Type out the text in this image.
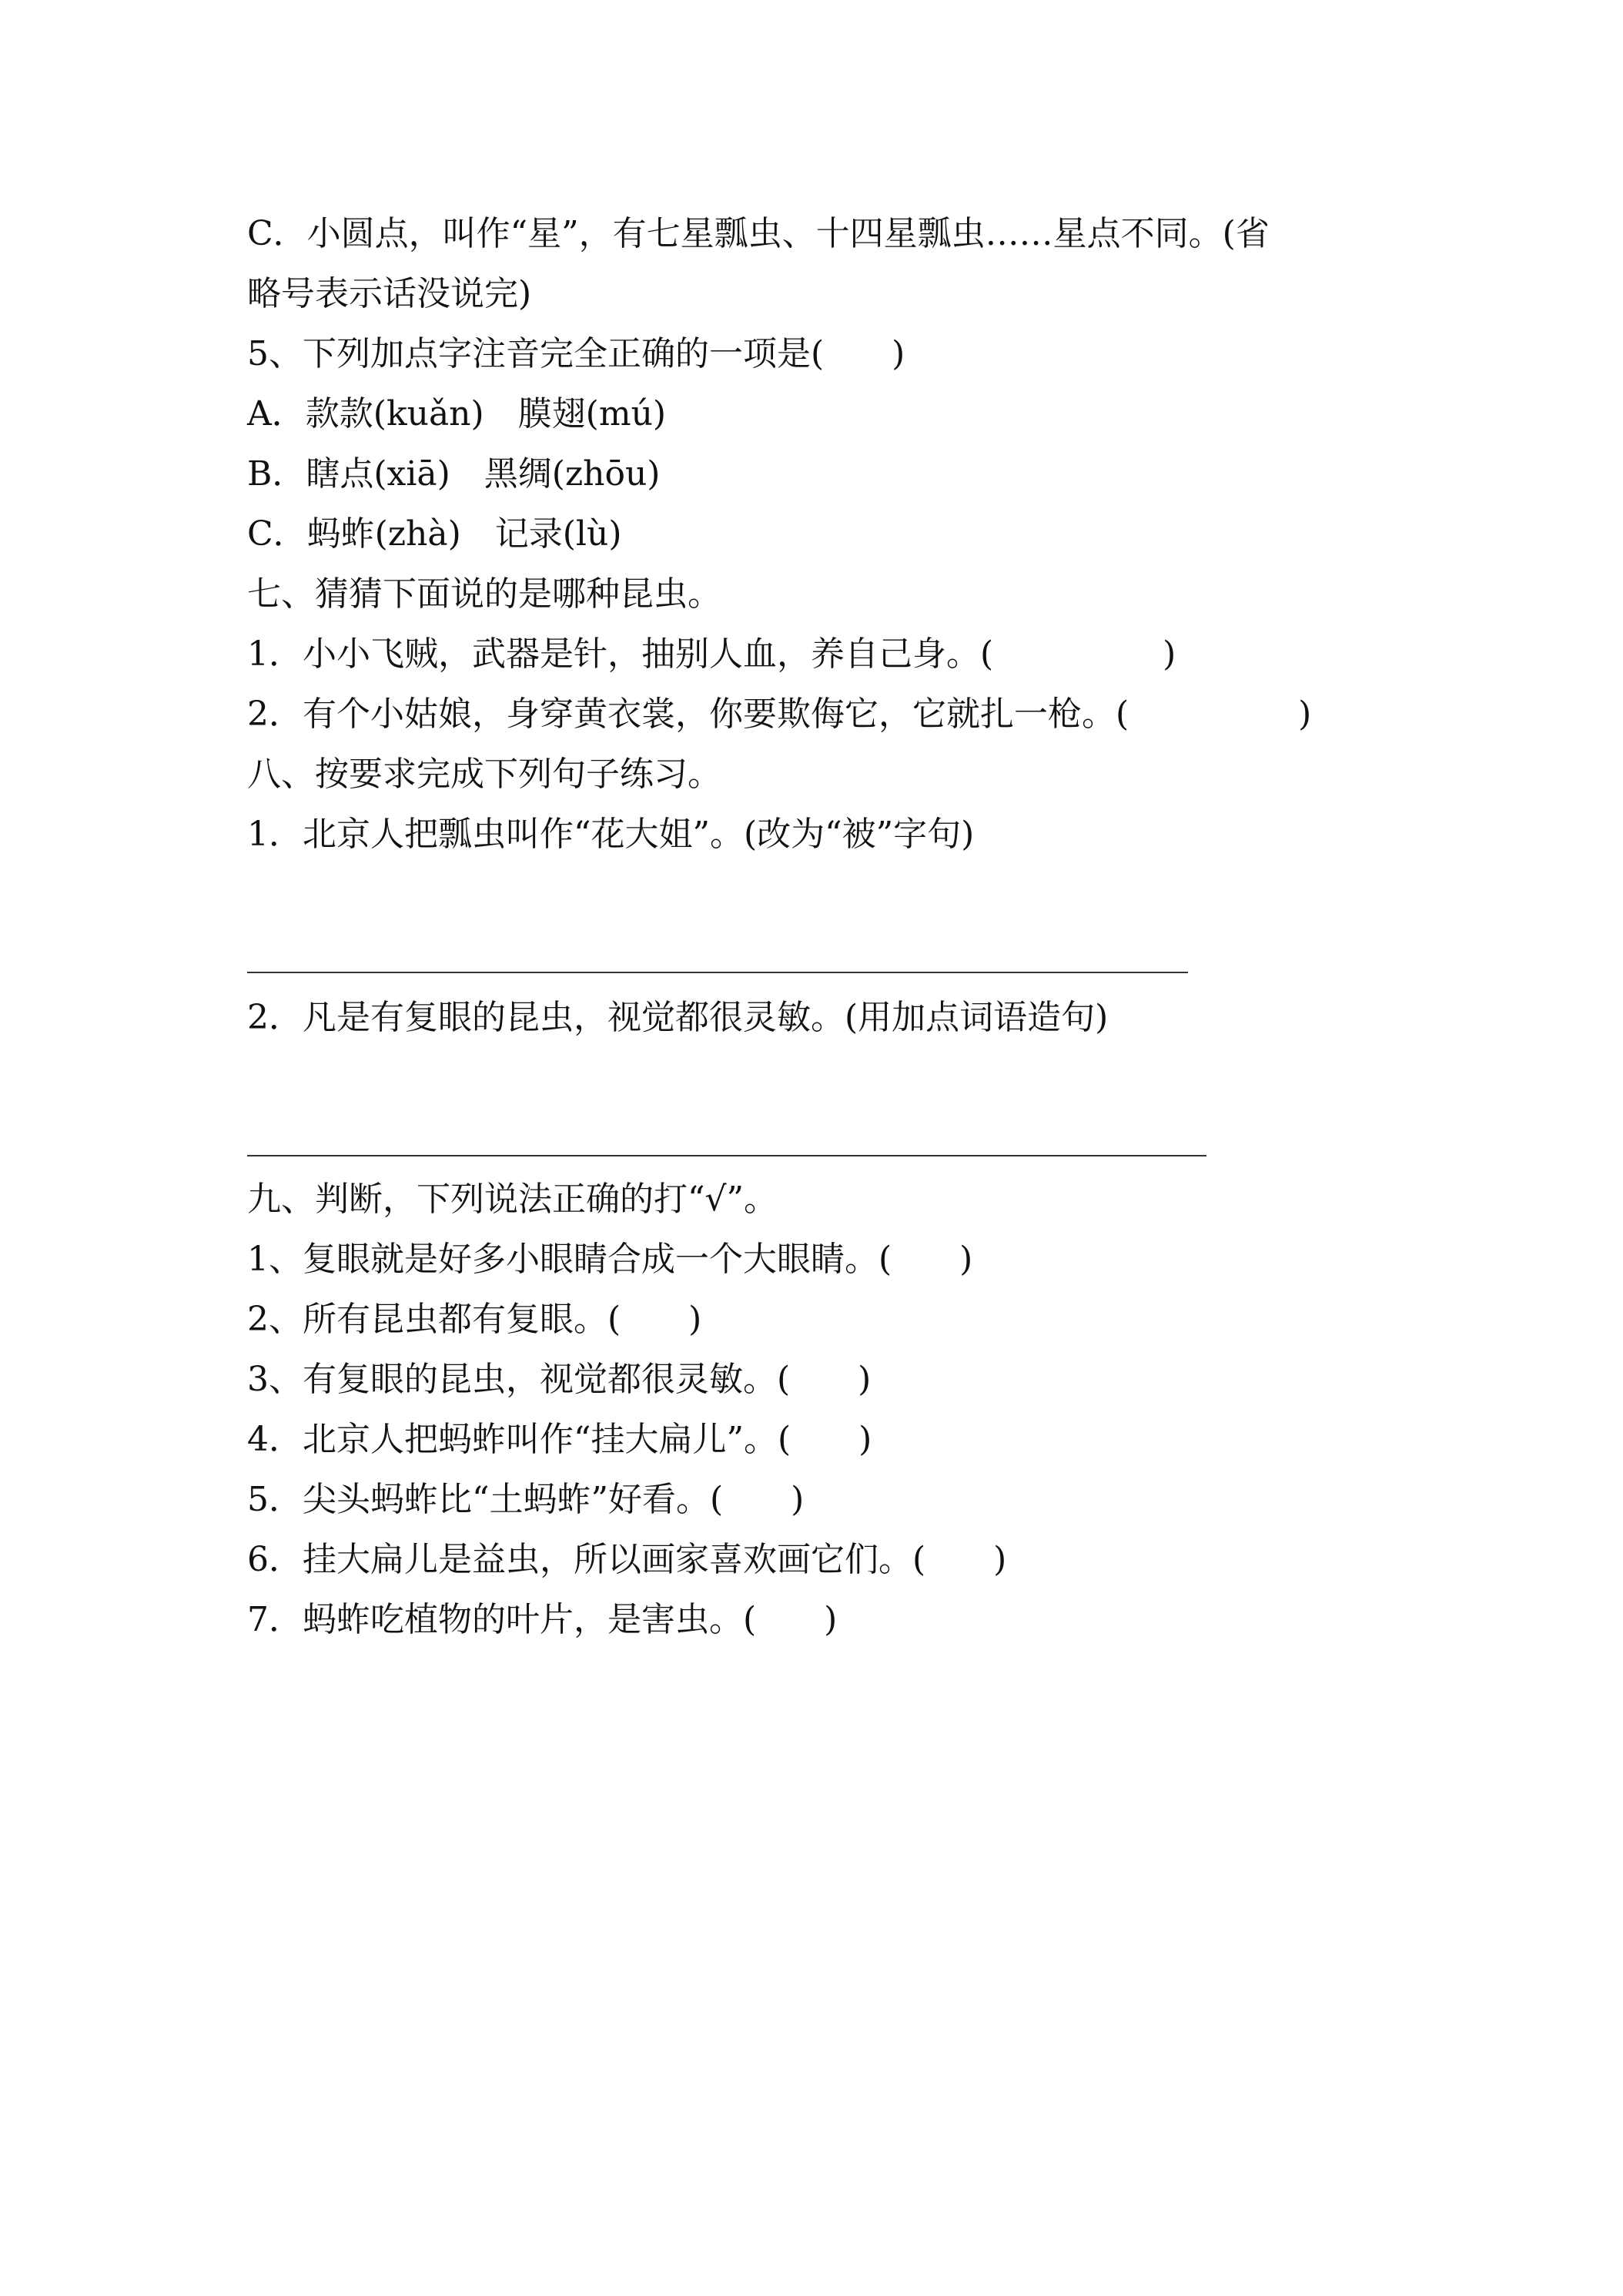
C．小圆点，叫作“星”，有七星瓢虫、十四星瓢虫……星点不同。(省
略号表示话没说完)
5、下列加点字注音完全正确的一项是(　　)
A．款款(kuǎn)　膜翅(mú)
B．瞎点(xiā)　黑绸(zhōu)
C．蚂蚱(zhà)　记录(lù)
七、猜猜下面说的是哪种昆虫。
1．小小飞贼，武器是针，抽别人血，养自己身。(　　　　　)
2．有个小姑娘，身穿黄衣裳，你要欺侮它，它就扎一枪。(　　　　　)
八、按要求完成下列句子练习。
1．北京人把瓢虫叫作“花大姐”。(改为“被”字句)
2．凡是有复眼的昆虫，视觉都很灵敏。(用加点词语造句)
九、判断，下列说法正确的打“√”。
1、复眼就是好多小眼睛合成一个大眼睛。(　　)
2、所有昆虫都有复眼。(　　)
3、有复眼的昆虫，视觉都很灵敏。(　　)
4．北京人把蚂蚱叫作“挂大扁儿”。(　　)
5．尖头蚂蚱比“土蚂蚱”好看。(　　)
6．挂大扁儿是益虫，所以画家喜欢画它们。(　　)
7．蚂蚱吃植物的叶片，是害虫。(　　)
